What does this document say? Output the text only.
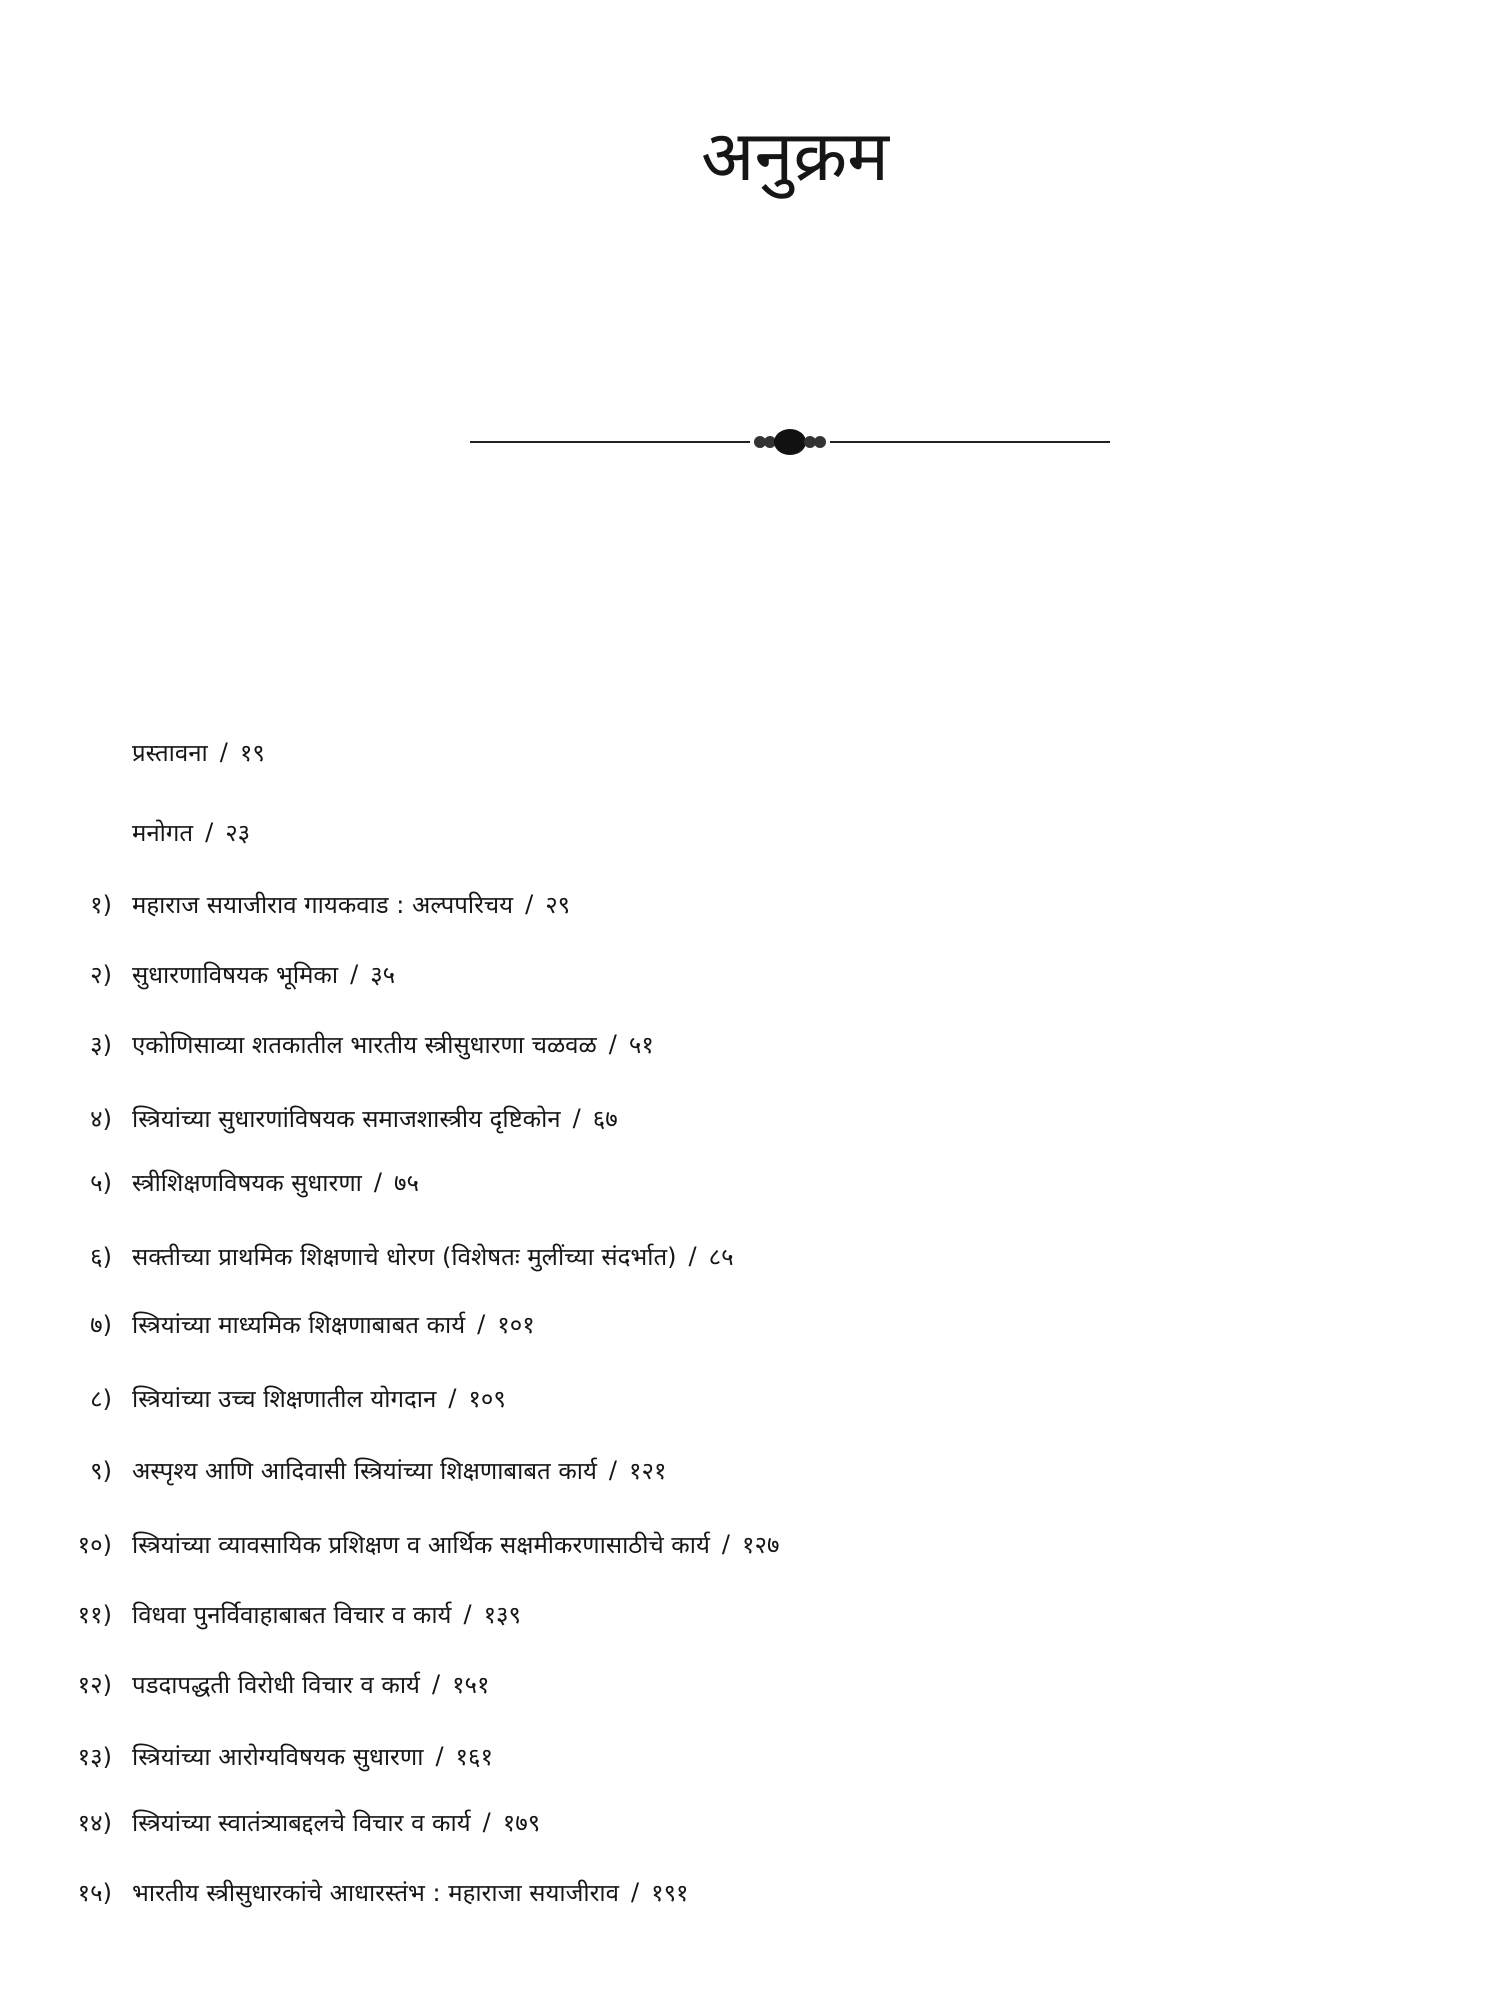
अनुक्रम
प्रस्तावना / १९
मनोगत / २३
१) महाराज सयाजीराव गायकवाड : अल्पपरिचय / २९
२) सुधारणाविषयक भूमिका / ३५
३) एकोणिसाव्या शतकातील भारतीय स्त्रीसुधारणा चळवळ / ५१
४) स्त्रियांच्या सुधारणांविषयक समाजशास्त्रीय दृष्टिकोन / ६७
५) स्त्रीशिक्षणविषयक सुधारणा / ७५
६) सक्तीच्या प्राथमिक शिक्षणाचे धोरण (विशेषतः मुलींच्या संदर्भात) / ८५
७) स्त्रियांच्या माध्यमिक शिक्षणाबाबत कार्य / १०१
८) स्त्रियांच्या उच्च शिक्षणातील योगदान / १०९
९) अस्पृश्य आणि आदिवासी स्त्रियांच्या शिक्षणाबाबत कार्य / १२१
१०) स्त्रियांच्या व्यावसायिक प्रशिक्षण व आर्थिक सक्षमीकरणासाठीचे कार्य / १२७
११) विधवा पुनर्विवाहाबाबत विचार व कार्य / १३९
१२) पडदापद्धती विरोधी विचार व कार्य / १५१
१३) स्त्रियांच्या आरोग्यविषयक सुधारणा / १६१
१४) स्त्रियांच्या स्वातंत्र्याबद्दलचे विचार व कार्य / १७९
१५) भारतीय स्त्रीसुधारकांचे आधारस्तंभ : महाराजा सयाजीराव / १९१
